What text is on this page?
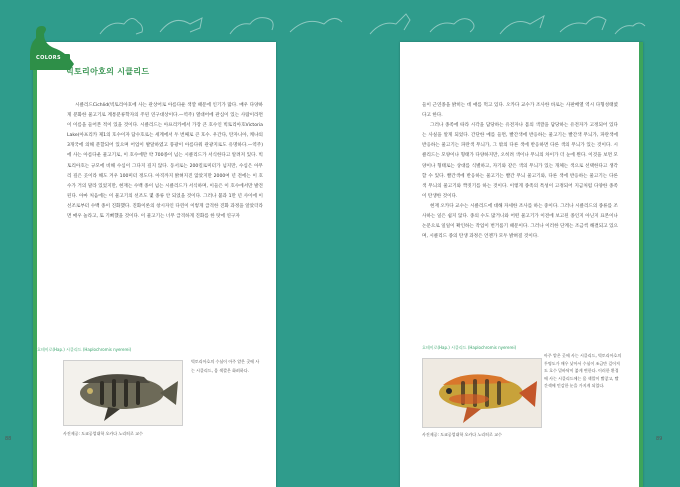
COLORS
빅토리아호의 시클리드

시클리드Cichlid(빅토리아호에 사는 관상어로 아름다운 색깔 때문에 인기가 많다. 매우 다양하게 분화한 물고기로 계통분류학자의 주된 연구대상이다.—역주) 열대어에 관심이 있는 사람이라면 이 이름을 들어본 적이 있을 것이다. 시클리드는 아프리카에서 가장 큰 호수인 빅토리아호Victoria Lake(아프리카 제1의 호수이자 담수호로는 세계에서 두 번째로 큰 호수. 우간다, 탄자니아, 케냐의 3개국에 의해 분할되어 있으며 어업이 발달하였고 풍광이 아름다워 관광지로도 유명하다.—역주)에 사는 아름다운 물고기로, 이 호수에만 약 700종이 넘는 시클리드가 서식한다고 알려져 있다. 빅토리아호는 규모에 비해 수심이 그다지 깊지 않다. 동서로는 200킬로미터가 넘지만, 수심은 아무리 깊은 곳이라 해도 겨우 100미터 정도다. 아직까지 밝혀지진 않았지만 2000여 년 전에는 이 호수가 거의 말라 있었지만, 현재는 수백 종이 넘는 시클리드가 서식하며, 이들은 이 호수에서만 발견된다. 아마 처음에는 이 물고기의 선조도 몇 종류 안 되었을 것이다. 그러나 불과 1만 년 사이에 이 선조로부터 수백 종이 진화했다. 진화이론의 창시자인 다윈이 이렇게 급격한 진화 과정을 알았더라면 매우 놀라고, 또 기뻐했을 것이다. 이 물고기는 너무 급격하게 진화를 한 탓에 연구자

호테이로(Hap.) 시클리드 (Haplochromis nyererei)
빅토리아호의 수심이 아주 얕은 곳에 사는 시클리드, 몸 색깔은 화려하다.
사진제공: 도쿄공업대학 오카다 노리히로 교수
88

들이 근연종을 밝히는 데 애를 먹고 있다. 오카다 교수가 조사한 바로는 사판배열 역시 다형성태였다고 한다.

그러나 종족에 따라 시각을 담당하는 유전자나 몸의 색깔을 담당하는 유전자가 고정되어 있다는 사실을 알게 되었다. 간단한 예를 들면, 빨간색에 반응하는 물고기는 빨간색 무늬가, 파란색에 반응하는 물고기는 파란색 무늬가, 그 밖의 다른 색에 반응하면 다른 색의 무늬가 있는 것이다. 시클리드는 모양이나 형태가 다양하지만, 오히려 색이나 무늬의 차이가 더 눈에 띈다. 이것을 보면 모양이나 형태로는 상대를 식별하고, 자기와 같은 색의 무늬가 있는 개체는 색으로 선택한다고 생각할 수 있다. 빨간색에 반응하는 물고기는 빨간 무늬 물고기와, 다른 색에 반응하는 물고기는 다른 색 무늬의 물고기와 짝짓기를 하는 것이다. 이렇게 종족의 특성이 고정되어 지금처럼 다양한 종족이 탄생한 것이다.

현재 오카다 교수는 시클리드에 대해 자세한 조사를 하는 중이다. 그러나 시클리드의 종류를 조사하는 일은 쉽지 않다. 종의 수도 많거니와 어떤 물고기가 이전에 보고된 종인지 아닌지 표본이나 논문으로 일일이 확인하는 작업이 번거롭기 때문이다. 그러나 이러한 단계는 조금씩 해결되고 있으며, 시클리드 종의 탄생 과정은 언젠가 모두 밝혀질 것이다.

호테이로(Hap.) 시클리드 (Haplochromis nyererei)
아주 얕은 곳에 사는 시클리드, 빅토리아호의 투명도가 매우 낮아서 수심이 조금만 깊어져도 호수 밑바닥이 붉게 변한다. 이러한 환경에 사는 시클리드에는 몸 색깔이 빨갛고, 빨간색에 민감한 눈을 가지게 되었다.
사진제공: 도쿄공업대학 오카다 노리히로 교수
89
